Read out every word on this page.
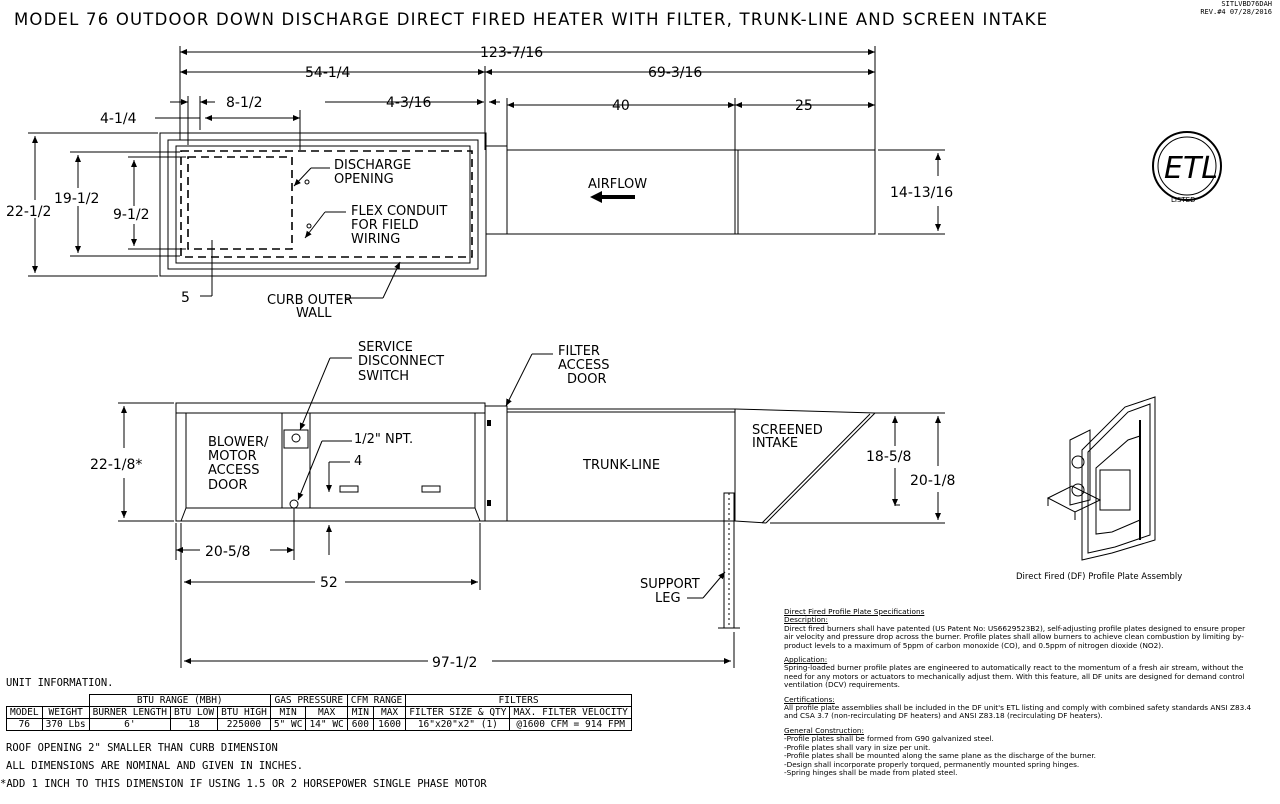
MODEL 76 OUTDOOR DOWN DISCHARGE DIRECT FIRED HEATER WITH FILTER, TRUNK-LINE AND SCREEN INTAKE
SITLVBD76DAH
REV.#4 07/28/2016
123-7/16
54-1/4	69-3/16
40	25
4-1/4
8-1/2	4-3/16
DISCHARGE
OPENING
FLEX CONDUIT
FOR FIELD
WIRING
AIRFLOW
22-1/2
19-1/2
9-1/2
14-13/16
5	CURB OUTER
WALL
ETL
LISTED
BLOWER/
MOTOR
ACCESS
DOOR
TRUNK-LINE
SCREENED
INTAKE
SERVICE
DISCONNECT
SWITCH
FILTER
ACCESS
DOOR
1/2" NPT.
4
SUPPORT
LEG
22-1/8*
20-5/8
52
97-1/2
18-5/8
20-1/8
Direct Fired (DF) Profile Plate Assembly
UNIT INFORMATION.
		BTU RANGE (MBH)			GAS PRESSURE		CFM RANGE		FILTERS	
MODEL	WEIGHT	BURNER LENGTH	BTU LOW	BTU HIGH	MIN	MAX	MIN	MAX	FILTER SIZE & QTY	MAX. FILTER VELOCITY
76	370 Lbs	6'	18	225000	5" WC	14" WC	600	1600	16"x20"x2" (1)	@1600 CFM = 914 FPM
ROOF OPENING 2" SMALLER THAN CURB DIMENSION
ALL DIMENSIONS ARE NOMINAL AND GIVEN IN INCHES.
*ADD 1 INCH TO THIS DIMENSION IF USING 1.5 OR 2 HORSEPOWER SINGLE PHASE MOTOR
Direct Fired Profile Plate Specifications
Description:
Direct fired burners shall have patented (US Patent No: US6629523B2), self-adjusting profile plates designed to ensure proper air velocity and pressure drop across the burner. Profile plates shall allow burners to achieve clean combustion by limiting by-product levels to a maximum of 5ppm of carbon monoxide (CO), and 0.5ppm of nitrogen dioxide (NO2).
Application:
Spring-loaded burner profile plates are engineered to automatically react to the momentum of a fresh air stream, without the need for any motors or actuators to mechanically adjust them. With this feature, all DF units are designed for demand control ventilation (DCV) requirements.
Certifications:
All profile plate assemblies shall be included in the DF unit's ETL listing and comply with combined safety standards ANSI Z83.4 and CSA 3.7 (non-recirculating DF heaters) and ANSI Z83.18 (recirculating DF heaters).
General Construction:
-Profile plates shall be formed from G90 galvanized steel.
-Profile plates shall vary in size per unit.
-Profile plates shall be mounted along the same plane as the discharge of the burner.
-Design shall incorporate properly torqued, permanently mounted spring hinges.
-Spring hinges shall be made from plated steel.
